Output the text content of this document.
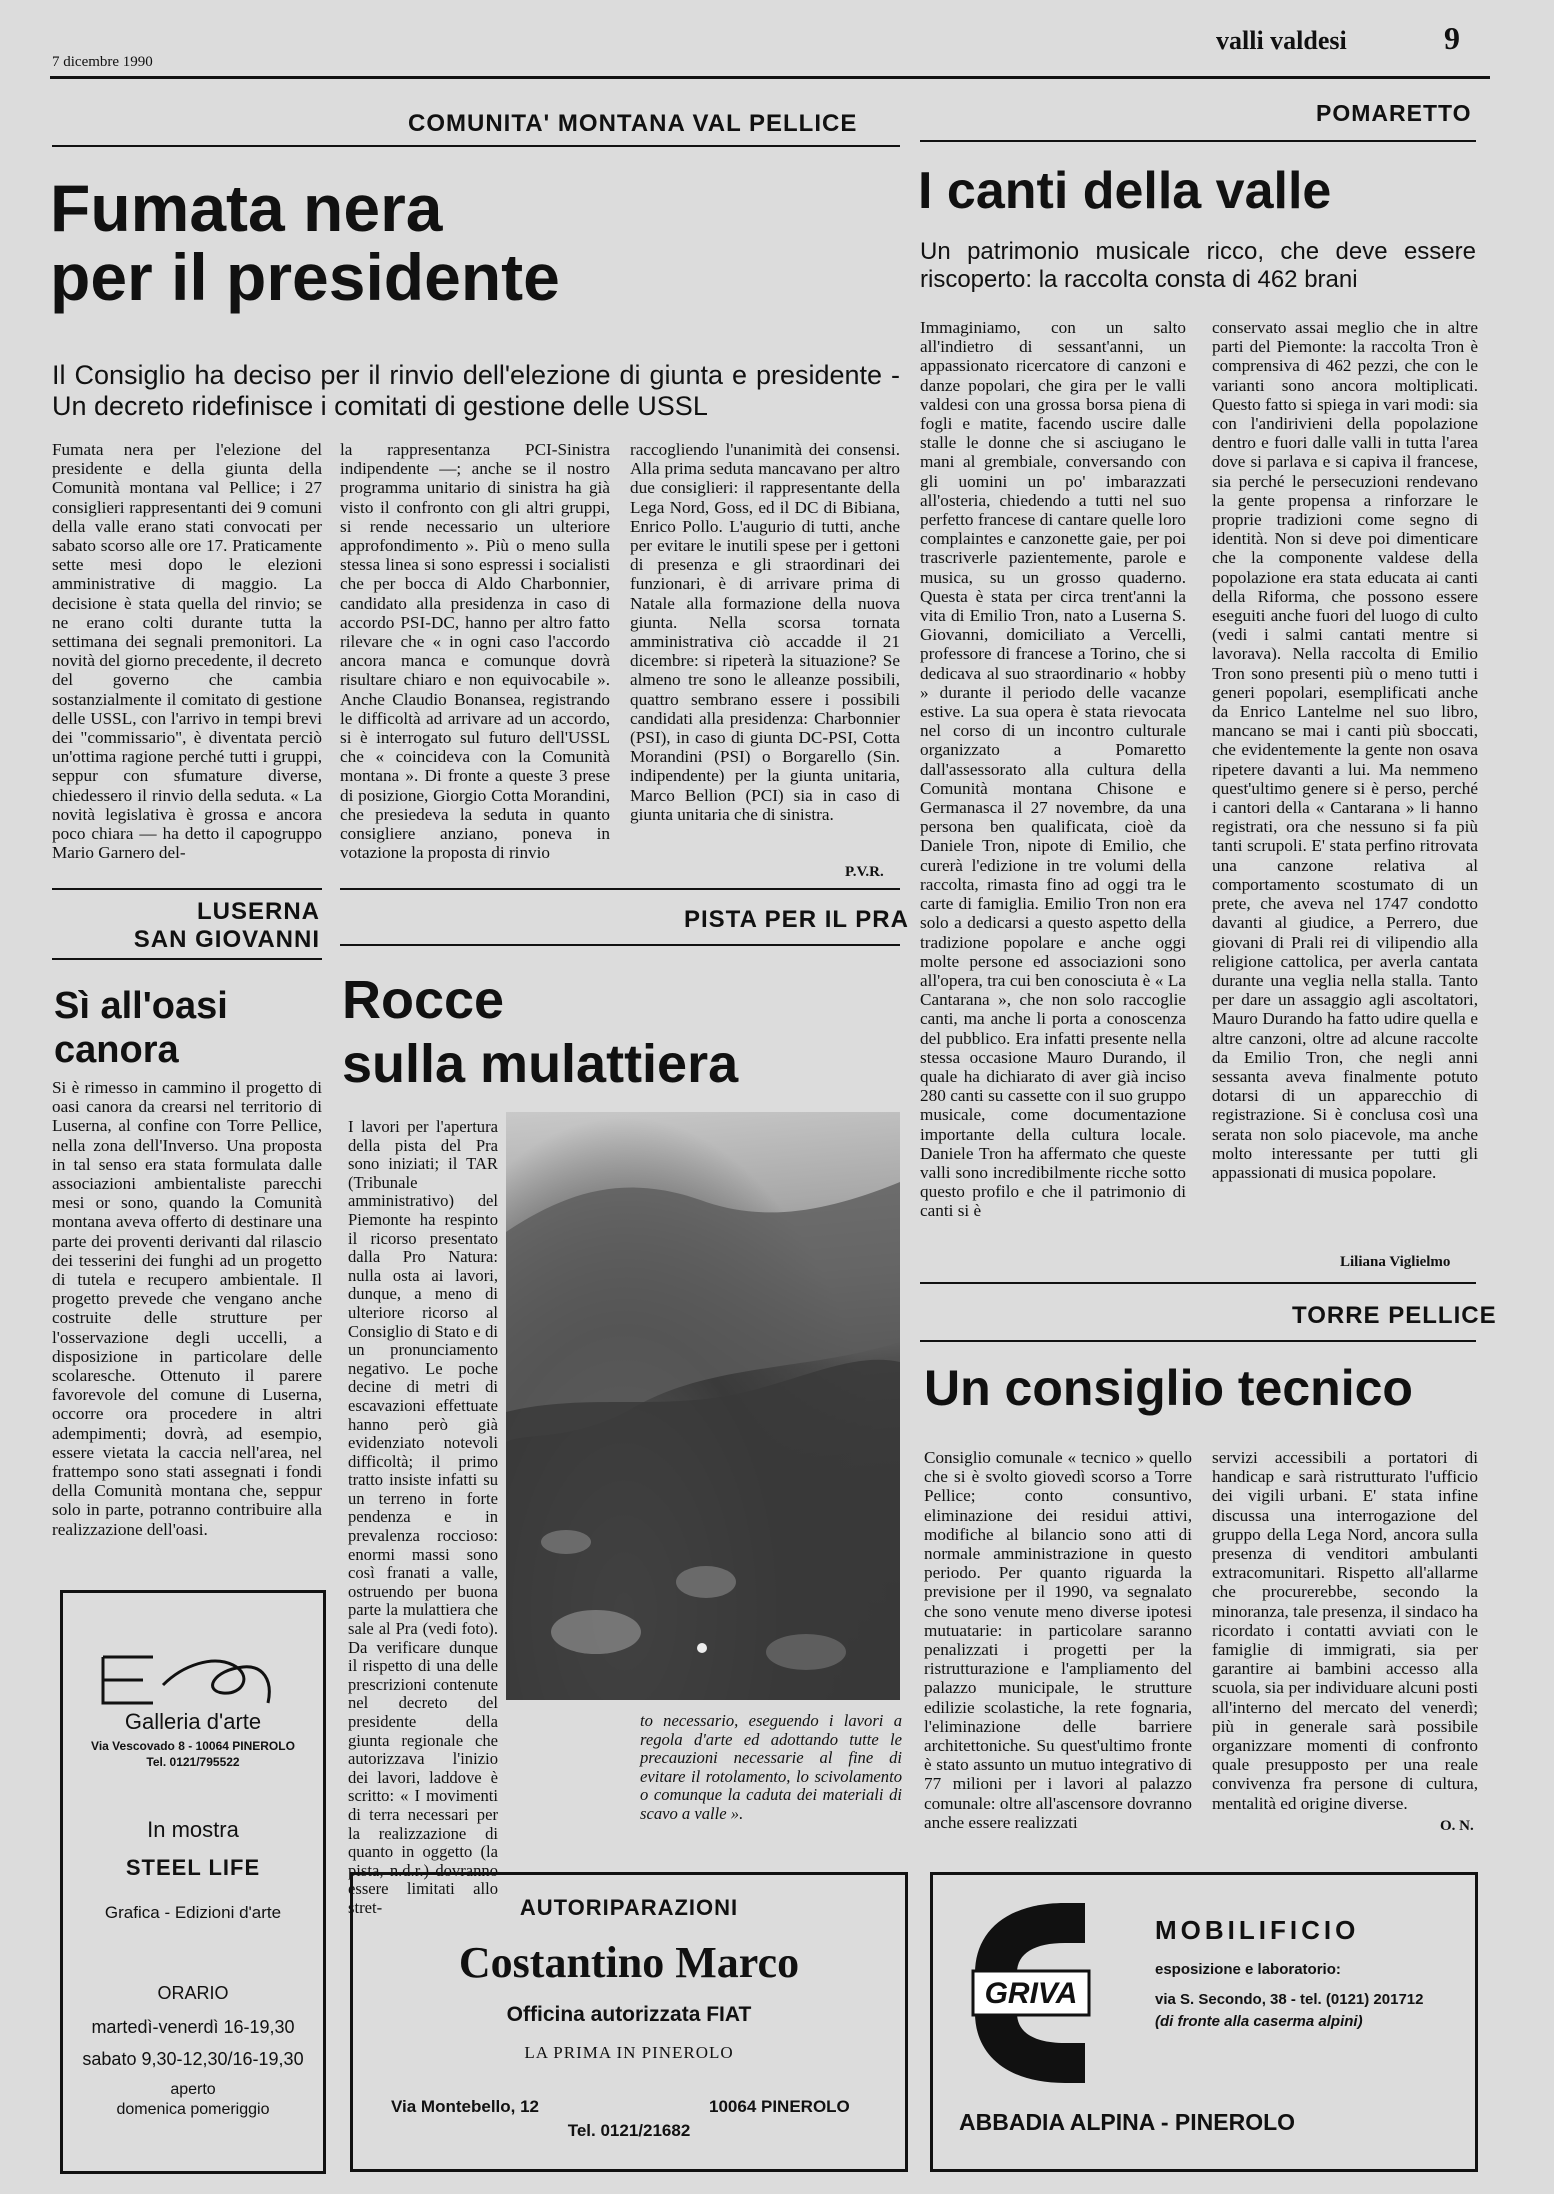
7 dicembre 1990
valli valdesi	9
COMUNITA' MONTANA VAL PELLICE
Fumata nera
per il presidente
Il Consiglio ha deciso per il rinvio dell'elezione di giunta e presidente - Un decreto ridefinisce i comitati di gestione delle USSL
Fumata nera per l'elezione del presidente e della giunta della Comunità montana val Pellice; i 27 consiglieri rappresentanti dei 9 comuni della valle erano stati convocati per sabato scorso alle ore 17. Praticamente sette mesi dopo le elezioni amministrative di maggio. La decisione è stata quella del rinvio; se ne erano colti durante tutta la settimana dei segnali premonitori. La novità del giorno precedente, il decreto del governo che cambia sostanzialmente il comitato di gestione delle USSL, con l'arrivo in tempi brevi dei "commissario", è diventata perciò un'ottima ragione perché tutti i gruppi, seppur con sfumature diverse, chiedessero il rinvio della seduta. « La novità legislativa è grossa e ancora poco chiara — ha detto il capogruppo Mario Garnero del-
la rappresentanza PCI-Sinistra indipendente —; anche se il nostro programma unitario di sinistra ha già visto il confronto con gli altri gruppi, si rende necessario un ulteriore approfondimento ». Più o meno sulla stessa linea si sono espressi i socialisti che per bocca di Aldo Charbonnier, candidato alla presidenza in caso di accordo PSI-DC, hanno per altro fatto rilevare che « in ogni caso l'accordo ancora manca e comunque dovrà risultare chiaro e non equivocabile ». Anche Claudio Bonansea, registrando le difficoltà ad arrivare ad un accordo, si è interrogato sul futuro dell'USSL che « coincideva con la Comunità montana ». Di fronte a queste 3 prese di posizione, Giorgio Cotta Morandini, che presiedeva la seduta in quanto consigliere anziano, poneva in votazione la proposta di rinvio
raccogliendo l'unanimità dei consensi. Alla prima seduta mancavano per altro due consiglieri: il rappresentante della Lega Nord, Goss, ed il DC di Bibiana, Enrico Pollo. L'augurio di tutti, anche per evitare le inutili spese per i gettoni di presenza e gli straordinari dei funzionari, è di arrivare prima di Natale alla formazione della nuova giunta. Nella scorsa tornata amministrativa ciò accadde il 21 dicembre: si ripeterà la situazione? Se almeno tre sono le alleanze possibili, quattro sembrano essere i possibili candidati alla presidenza: Charbonnier (PSI), in caso di giunta DC-PSI, Cotta Morandini (PSI) o Borgarello (Sin. indipendente) per la giunta unitaria, Marco Bellion (PCI) sia in caso di giunta unitaria che di sinistra.
P.V.R.
LUSERNA
SAN GIOVANNI
Sì all'oasi
canora
Si è rimesso in cammino il progetto di oasi canora da crearsi nel territorio di Luserna, al confine con Torre Pellice, nella zona dell'Inverso. Una proposta in tal senso era stata formulata dalle associazioni ambientaliste parecchi mesi or sono, quando la Comunità montana aveva offerto di destinare una parte dei proventi derivanti dal rilascio dei tesserini dei funghi ad un progetto di tutela e recupero ambientale. Il progetto prevede che vengano anche costruite delle strutture per l'osservazione degli uccelli, a disposizione in particolare delle scolaresche. Ottenuto il parere favorevole del comune di Luserna, occorre ora procedere in altri adempimenti; dovrà, ad esempio, essere vietata la caccia nell'area, nel frattempo sono stati assegnati i fondi della Comunità montana che, seppur solo in parte, potranno contribuire alla realizzazione dell'oasi.
Galleria d'arte
Via Vescovado 8 - 10064 PINEROLO
Tel. 0121/795522
In mostra
STEEL LIFE
Grafica - Edizioni d'arte
ORARIO
martedì-venerdì 16-19,30
sabato 9,30-12,30/16-19,30
aperto
domenica pomeriggio
PISTA PER IL PRA
Rocce
sulla mulattiera
I lavori per l'apertura della pista del Pra sono iniziati; il TAR (Tribunale amministrativo) del Piemonte ha respinto il ricorso presentato dalla Pro Natura: nulla osta ai lavori, dunque, a meno di ulteriore ricorso al Consiglio di Stato e di un pronunciamento negativo. Le poche decine di metri di escavazioni effettuate hanno però già evidenziato notevoli difficoltà; il primo tratto insiste infatti su un terreno in forte pendenza e in prevalenza roccioso: enormi massi sono così franati a valle, ostruendo per buona parte la mulattiera che sale al Pra (vedi foto). Da verificare dunque il rispetto di una delle prescrizioni contenute nel decreto del presidente della giunta regionale che autorizzava l'inizio dei lavori, laddove è scritto: « I movimenti di terra necessari per la realizzazione di quanto in oggetto (la pista, n.d.r.) dovranno essere limitati allo stret-
to necessario, eseguendo i lavori a regola d'arte ed adottando tutte le precauzioni necessarie al fine di evitare il rotolamento, lo scivolamento o comunque la caduta dei materiali di scavo a valle ».
POMARETTO
I canti della valle
Un patrimonio musicale ricco, che deve essere riscoperto: la raccolta consta di 462 brani
Immaginiamo, con un salto all'indietro di sessant'anni, un appassionato ricercatore di canzoni e danze popolari, che gira per le valli valdesi con una grossa borsa piena di fogli e matite, facendo uscire dalle stalle le donne che si asciugano le mani al grembiale, conversando con gli uomini un po' imbarazzati all'osteria, chiedendo a tutti nel suo perfetto francese di cantare quelle loro complaintes e canzonette gaie, per poi trascriverle pazientemente, parole e musica, su un grosso quaderno. Questa è stata per circa trent'anni la vita di Emilio Tron, nato a Luserna S. Giovanni, domiciliato a Vercelli, professore di francese a Torino, che si dedicava al suo straordinario « hobby » durante il periodo delle vacanze estive. La sua opera è stata rievocata nel corso di un incontro culturale organizzato a Pomaretto dall'assessorato alla cultura della Comunità montana Chisone e Germanasca il 27 novembre, da una persona ben qualificata, cioè da Daniele Tron, nipote di Emilio, che curerà l'edizione in tre volumi della raccolta, rimasta fino ad oggi tra le carte di famiglia. Emilio Tron non era solo a dedicarsi a questo aspetto della tradizione popolare e anche oggi molte persone ed associazioni sono all'opera, tra cui ben conosciuta è « La Cantarana », che non solo raccoglie canti, ma anche li porta a conoscenza del pubblico. Era infatti presente nella stessa occasione Mauro Durando, il quale ha dichiarato di aver già inciso 280 canti su cassette con il suo gruppo musicale, come documentazione importante della cultura locale. Daniele Tron ha affermato che queste valli sono incredibilmente ricche sotto questo profilo e che il patrimonio di canti si è
conservato assai meglio che in altre parti del Piemonte: la raccolta Tron è comprensiva di 462 pezzi, che con le varianti sono ancora moltiplicati. Questo fatto si spiega in vari modi: sia con l'andirivieni della popolazione dentro e fuori dalle valli in tutta l'area dove si parlava e si capiva il francese, sia perché le persecuzioni rendevano la gente propensa a rinforzare le proprie tradizioni come segno di identità. Non si deve poi dimenticare che la componente valdese della popolazione era stata educata ai canti della Riforma, che possono essere eseguiti anche fuori del luogo di culto (vedi i salmi cantati mentre si lavorava). Nella raccolta di Emilio Tron sono presenti più o meno tutti i generi popolari, esemplificati anche da Enrico Lantelme nel suo libro, mancano se mai i canti più sboccati, che evidentemente la gente non osava ripetere davanti a lui. Ma nemmeno quest'ultimo genere si è perso, perché i cantori della « Cantarana » li hanno registrati, ora che nessuno si fa più tanti scrupoli. E' stata perfino ritrovata una canzone relativa al comportamento scostumato di un prete, che aveva nel 1747 condotto davanti al giudice, a Perrero, due giovani di Prali rei di vilipendio alla religione cattolica, per averla cantata durante una veglia nella stalla. Tanto per dare un assaggio agli ascoltatori, Mauro Durando ha fatto udire quella e altre canzoni, oltre ad alcune raccolte da Emilio Tron, che negli anni sessanta aveva finalmente potuto dotarsi di un apparecchio di registrazione. Si è conclusa così una serata non solo piacevole, ma anche molto interessante per tutti gli appassionati di musica popolare.
Liliana Viglielmo
TORRE PELLICE
Un consiglio tecnico
Consiglio comunale « tecnico » quello che si è svolto giovedì scorso a Torre Pellice; conto consuntivo, eliminazione dei residui attivi, modifiche al bilancio sono atti di normale amministrazione in questo periodo. Per quanto riguarda la previsione per il 1990, va segnalato che sono venute meno diverse ipotesi mutuatarie: in particolare saranno penalizzati i progetti per la ristrutturazione e l'ampliamento del palazzo municipale, le strutture edilizie scolastiche, la rete fognaria, l'eliminazione delle barriere architettoniche. Su quest'ultimo fronte è stato assunto un mutuo integrativo di 77 milioni per i lavori al palazzo comunale: oltre all'ascensore dovranno anche essere realizzati
servizi accessibili a portatori di handicap e sarà ristrutturato l'ufficio dei vigili urbani. E' stata infine discussa una interrogazione del gruppo della Lega Nord, ancora sulla presenza di venditori ambulanti extracomunitari. Rispetto all'allarme che procurerebbe, secondo la minoranza, tale presenza, il sindaco ha ricordato i contatti avviati con le famiglie di immigrati, sia per garantire ai bambini accesso alla scuola, sia per individuare alcuni posti all'interno del mercato del venerdì; più in generale sarà possibile organizzare momenti di confronto quale presupposto per una reale convivenza fra persone di cultura, mentalità ed origine diverse.
O. N.
AUTORIPARAZIONI
Costantino Marco
Officina autorizzata FIAT
LA PRIMA IN PINEROLO
Via Montebello, 12	10064 PINEROLO
Tel. 0121/21682
GRIVA
MOBILIFICIO
esposizione e laboratorio:
via S. Secondo, 38 - tel. (0121) 201712
(di fronte alla caserma alpini)
ABBADIA ALPINA - PINEROLO
